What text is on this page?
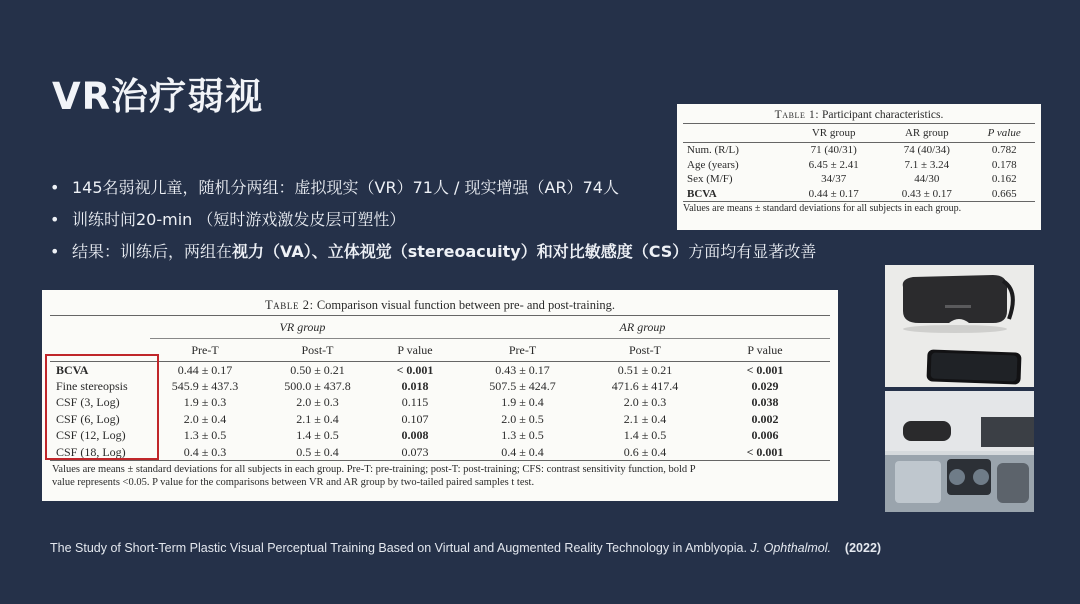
VR治疗弱视
• 145名弱视儿童，随机分两组：虚拟现实（VR）71人 / 现实增强（AR）74人
• 训练时间20-min （短时游戏激发皮层可塑性）
• 结果：训练后，两组在视力（VA）、立体视觉（stereoacuity）和对比敏感度（CS）方面均有显著改善
Table 1: Participant characteristics.
	VR group	AR group	P value
Num. (R/L)	71 (40/31)	74 (40/34)	0.782
Age (years)	6.45 ± 2.41	7.1 ± 3.24	0.178
Sex (M/F)	34/37	44/30	0.162
BCVA	0.44 ± 0.17	0.43 ± 0.17	0.665
Values are means ± standard deviations for all subjects in each group.
Table 2: Comparison visual function between pre- and post-training.
	VR group			AR group		
	Pre-T	Post-T	P value	Pre-T	Post-T	P value
BCVA	0.44 ± 0.17	0.50 ± 0.21	< 0.001	0.43 ± 0.17	0.51 ± 0.21	< 0.001
Fine stereopsis	545.9 ± 437.3	500.0 ± 437.8	0.018	507.5 ± 424.7	471.6 ± 417.4	0.029
CSF (3, Log)	1.9 ± 0.3	2.0 ± 0.3	0.115	1.9 ± 0.4	2.0 ± 0.3	0.038
CSF (6, Log)	2.0 ± 0.4	2.1 ± 0.4	0.107	2.0 ± 0.5	2.1 ± 0.4	0.002
CSF (12, Log)	1.3 ± 0.5	1.4 ± 0.5	0.008	1.3 ± 0.5	1.4 ± 0.5	0.006
CSF (18, Log)	0.4 ± 0.3	0.5 ± 0.4	0.073	0.4 ± 0.4	0.6 ± 0.4	< 0.001
Values are means ± standard deviations for all subjects in each group. Pre-T: pre-training; post-T: post-training; CFS: contrast sensitivity function, bold P
value represents <0.05. P value for the comparisons between VR and AR group by two-tailed paired samples t test.
The Study of Short-Term Plastic Visual Perceptual Training Based on Virtual and Augmented Reality Technology in Amblyopia. J. Ophthalmol. (2022)
